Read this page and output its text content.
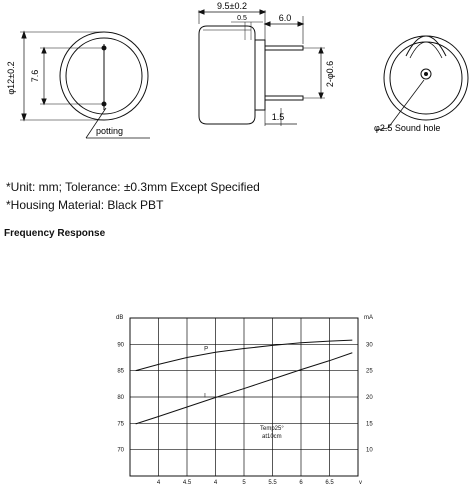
φ12±0.2 7.6
potting
9.5±0.2
6.0
0.5
2-φ0.6
1.5
φ2.5 Sound hole
*Unit: mm; Tolerance: ±0.3mm Except Specified
*Housing Material: Black PBT
Frequency Response
4	4.5	4	5	5.5	6	6.5
90	30
85	25
80	20
75	15
70	10
P
I
dB	mA
v
Temp25°
at10cm
